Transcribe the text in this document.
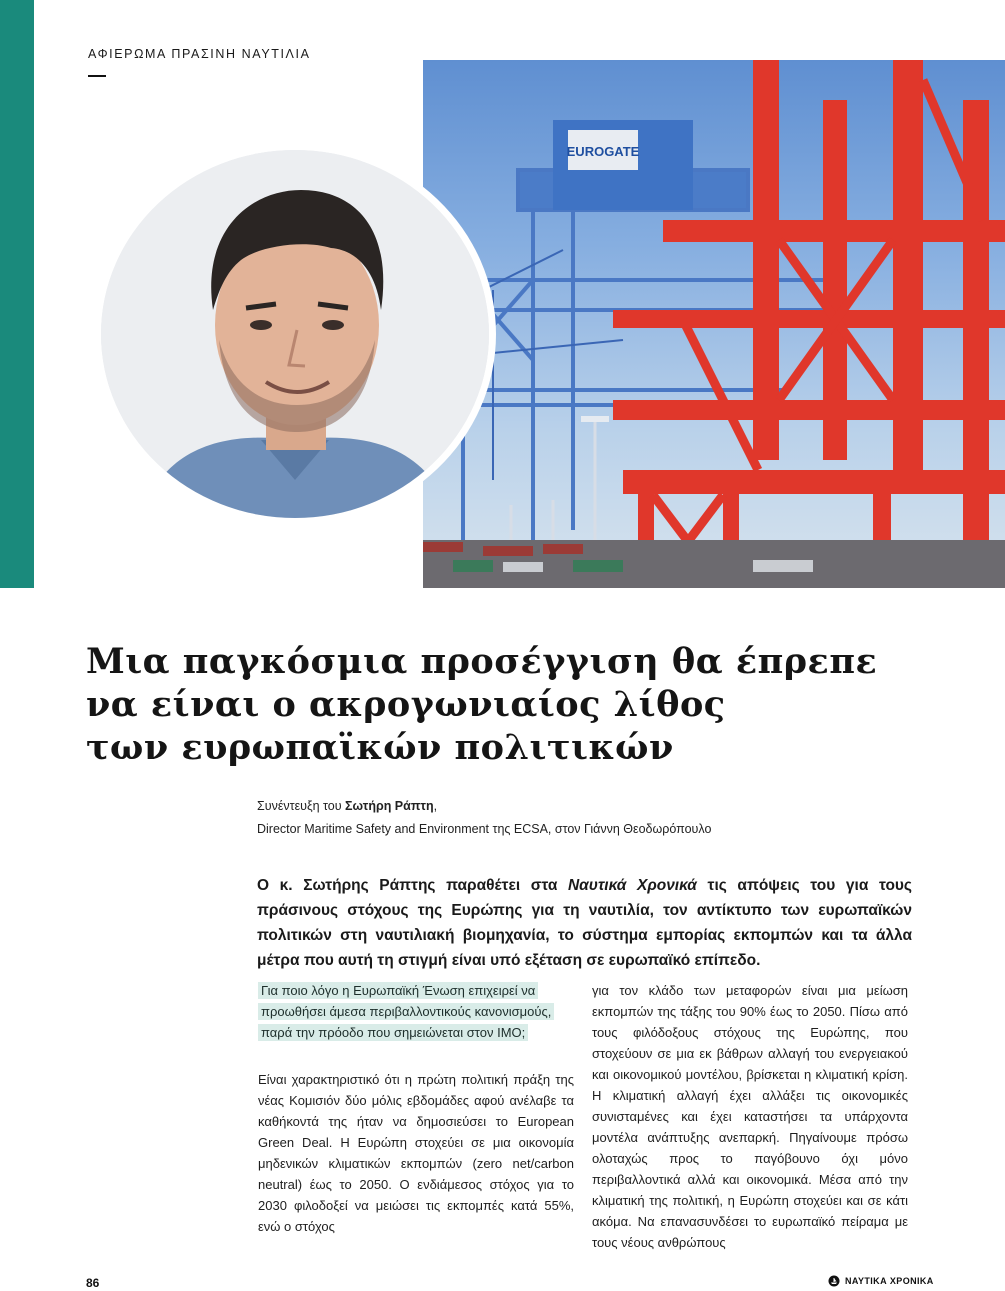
ΑΦΙΕΡΩΜΑ ΠΡΑΣΙΝΗ ΝΑΥΤΙΛΙΑ
EUROGATE
Μια παγκόσμια προσέγγιση θα έπρεπε
να είναι ο ακρογωνιαίος λίθος
των ευρωπαϊκών πολιτικών
Συνέντευξη του Σωτήρη Ράπτη,
Director Maritime Safety and Environment της ECSA, στον Γιάννη Θεοδωρόπουλο

Ο κ. Σωτήρης Ράπτης παραθέτει στα Ναυτικά Χρονικά τις απόψεις του για τους πράσινους στόχους της Ευρώπης για τη ναυτιλία, τον αντίκτυπο των ευρωπαϊκών πολιτικών στη ναυτιλιακή βιομηχανία, το σύστημα εμπορίας εκπομπών και τα άλλα μέτρα που αυτή τη στιγμή είναι υπό εξέταση σε ευρωπαϊκό επίπεδο.

Για ποιο λόγο η Ευρωπαϊκή Ένωση επιχειρεί να προωθήσει άμεσα περιβαλλοντικούς κανονισμούς, παρά την πρόοδο που σημειώνεται στον IMO;

Είναι χαρακτηριστικό ότι η πρώτη πολιτική πράξη της νέας Κομισιόν δύο μόλις εβδομάδες αφού ανέλαβε τα καθήκοντά της ήταν να δημοσιεύσει το European Green Deal. Η Ευρώπη στοχεύει σε μια οικονομία μηδενικών κλιματικών εκπομπών (zero net/carbon neutral) έως το 2050. Ο ενδιάμεσος στόχος για το 2030 φιλοδοξεί να μειώσει τις εκπομπές κατά 55%, ενώ ο στόχος

για τον κλάδο των μεταφορών είναι μια μείωση εκπομπών της τάξης του 90% έως το 2050. Πίσω από τους φιλόδοξους στόχους της Ευρώπης, που στοχεύουν σε μια εκ βάθρων αλλαγή του ενεργειακού και οικονομικού μοντέλου, βρίσκεται η κλιματική κρίση. Η κλιματική αλλαγή έχει αλλάξει τις οικονομικές συνισταμένες και έχει καταστήσει τα υπάρχοντα μοντέλα ανάπτυξης ανεπαρκή. Πηγαίνουμε πρόσω ολοταχώς προς το παγόβουνο όχι μόνο περιβαλλοντικά αλλά και οικονομικά. Μέσα από την κλιματική της πολιτική, η Ευρώπη στοχεύει και σε κάτι ακόμα. Να επανασυνδέσει το ευρωπαϊκό πείραμα με τους νέους ανθρώπους

86	ΝΑΥΤΙΚΑ ΧΡΟΝΙΚΑ
